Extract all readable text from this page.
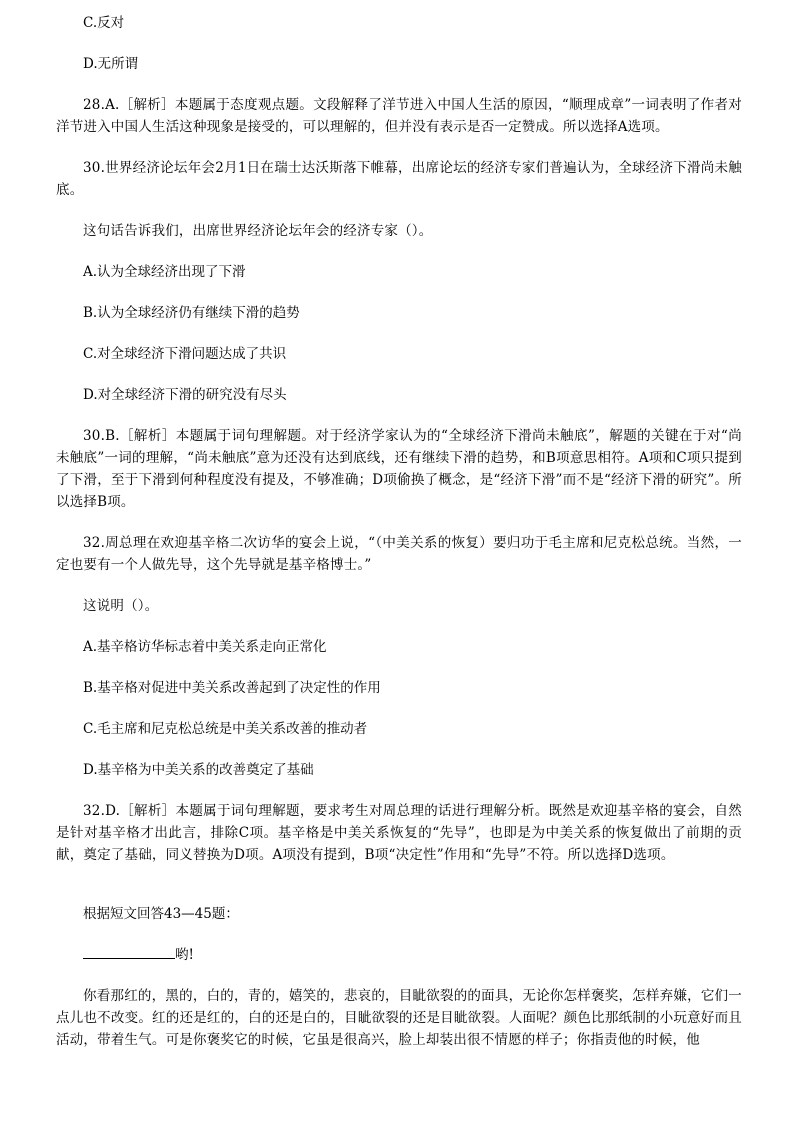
C.反对

D.无所谓

28.A.［解析］本题属于态度观点题。文段解释了洋节进入中国人生活的原因，“顺理成章”一词表明了作者对洋节进入中国人生活这种现象是接受的，可以理解的，但并没有表示是否一定赞成。所以选择A选项。

30.世界经济论坛年会2月1日在瑞士达沃斯落下帷幕，出席论坛的经济专家们普遍认为，全球经济下滑尚未触底。

这句话告诉我们，出席世界经济论坛年会的经济专家（）。

A.认为全球经济出现了下滑

B.认为全球经济仍有继续下滑的趋势

C.对全球经济下滑问题达成了共识

D.对全球经济下滑的研究没有尽头

30.B.［解析］本题属于词句理解题。对于经济学家认为的“全球经济下滑尚未触底”，解题的关键在于对“尚未触底”一词的理解，“尚未触底”意为还没有达到底线，还有继续下滑的趋势，和B项意思相符。A项和C项只提到了下滑，至于下滑到何种程度没有提及，不够准确；D项偷换了概念，是“经济下滑”而不是“经济下滑的研究”。所以选择B项。

32.周总理在欢迎基辛格二次访华的宴会上说，“（中美关系的恢复）要归功于毛主席和尼克松总统。当然，一定也要有一个人做先导，这个先导就是基辛格博士。”

这说明（）。

A.基辛格访华标志着中美关系走向正常化

B.基辛格对促进中美关系改善起到了决定性的作用

C.毛主席和尼克松总统是中美关系改善的推动者

D.基辛格为中美关系的改善奠定了基础

32.D.［解析］本题属于词句理解题，要求考生对周总理的话进行理解分析。既然是欢迎基辛格的宴会，自然是针对基辛格才出此言，排除C项。基辛格是中美关系恢复的“先导”，也即是为中美关系的恢复做出了前期的贡献，奠定了基础，同义替换为D项。A项没有提到，B项“决定性”作用和“先导”不符。所以选择D选项。

根据短文回答43—45题：

哟!

你看那红的，黑的，白的，青的，嬉笑的，悲哀的，目眦欲裂的的面具，无论你怎样褒奖，怎样弃嫌，它们一点儿也不改变。红的还是红的，白的还是白的，目眦欲裂的还是目眦欲裂。人面呢？颜色比那纸制的小玩意好而且活动，带着生气。可是你褒奖它的时候，它虽是很高兴，脸上却装出很不情愿的样子；你指责他的时候，他
